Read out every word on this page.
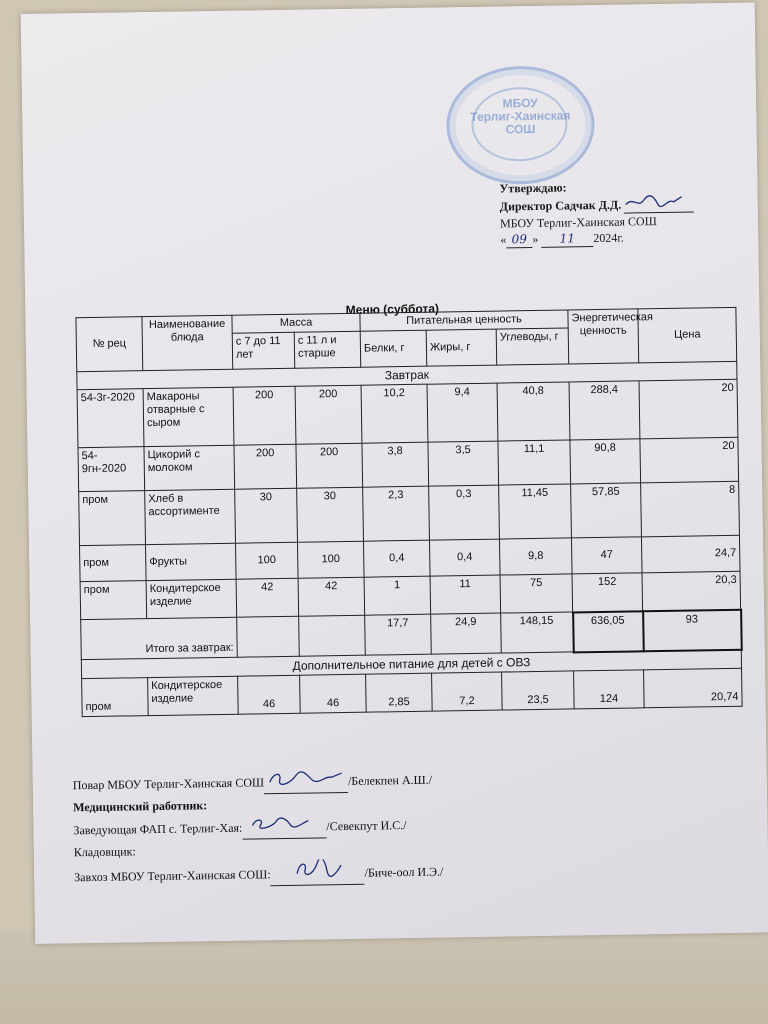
МБОУ
Терлиг-Хаинская
СОШ
Утверждаю:
Директор Садчак Д.Д.
МБОУ Терлиг-Хаинская СОШ
« 09 » 11 2024г.
Меню (суббота)
№ рец	Наименование блюда	Масса		Питательная ценность			Энергетическая ценность	Цена
		с 7 до 11 лет	с 11 л и старше	Белки, г	Жиры, г	Углеводы, г		
Завтрак								
54-3г-2020	Макароны отварные с сыром	200	200	10,2	9,4	40,8	288,4	20
54-9гн-2020	Цикорий с молоком	200	200	3,8	3,5	11,1	90,8	20
пром	Хлеб в ассортименте	30	30	2,3	0,3	11,45	57,85	8
пром	Фрукты	100	100	0,4	0,4	9,8	47	24,7
пром	Кондитерское изделие	42	42	1	11	75	152	20,3
Итого за завтрак:				17,7	24,9	148,15	636,05	93
Дополнительное питание для детей с ОВЗ								
пром	Кондитерское изделие	46	46	2,85	7,2	23,5	124	20,74
Повар МБОУ Терлиг-Хаинская СОШ	/Белекпен А.Ш./
Медицинский работник:
Заведующая ФАП с. Терлиг-Хая:	/Севекпут И.С./
Кладовщик:
Завхоз МБОУ Терлиг-Хаинская СОШ:	/Биче-оол И.Э./
